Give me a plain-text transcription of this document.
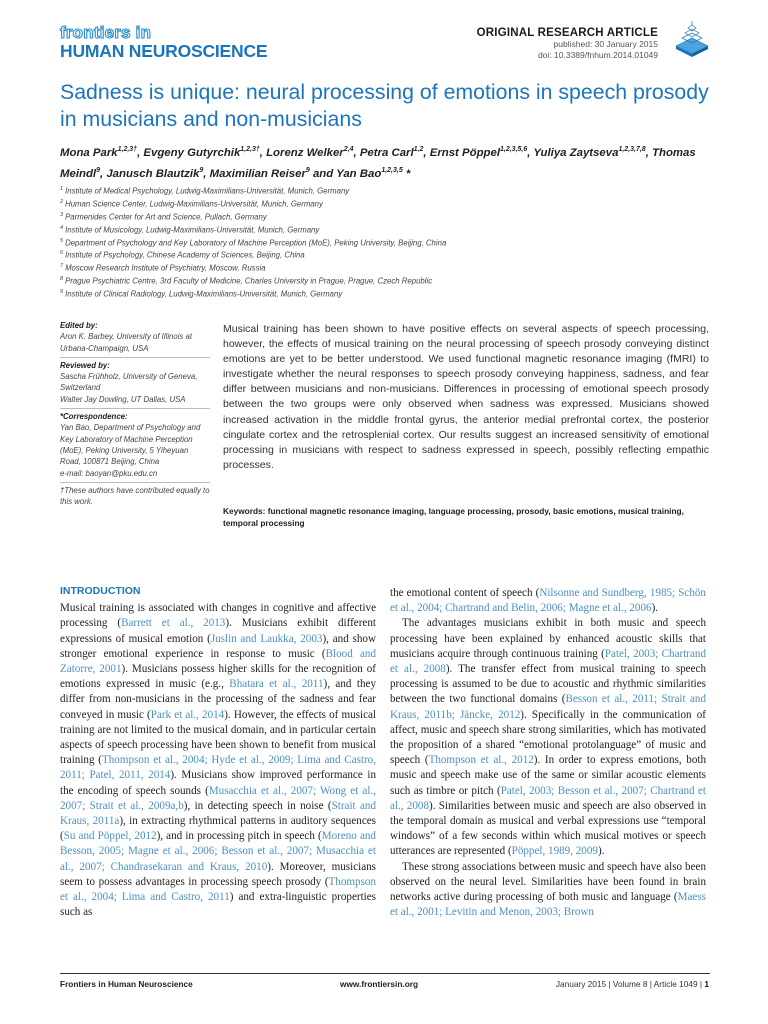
frontiers in
HUMAN NEUROSCIENCE
ORIGINAL RESEARCH ARTICLE
published: 30 January 2015
doi: 10.3389/fnhum.2014.01049
Sadness is unique: neural processing of emotions in speech prosody in musicians and non-musicians
Mona Park$^{1,2,3\dagger}$, Evgeny Gutyrchik$^{1,2,3\dagger}$, Lorenz Welker$^{2,4}$, Petra Carl$^{1,2}$, Ernst Pöppel$^{1,2,3,5,6}$, Yuliya Zaytseva$^{1,2,3,7,8}$, Thomas Meindl$^9$, Janusch Blautzik$^9$, Maximilian Reiser$^9$ and Yan Bao$^{1,2,3,5}$ *
$^1$ Institute of Medical Psychology, Ludwig-Maximilians-Universität, Munich, Germany
$^2$ Human Science Center, Ludwig-Maximilians-Universität, Munich, Germany
$^3$ Parmenides Center for Art and Science, Pullach, Germany
$^4$ Institute of Musicology, Ludwig-Maximilians-Universität, Munich, Germany
$^5$ Department of Psychology and Key Laboratory of Machine Perception (MoE), Peking University, Beijing, China
$^6$ Institute of Psychology, Chinese Academy of Sciences, Beijing, China
$^7$ Moscow Research Institute of Psychiatry, Moscow, Russia
$^8$ Prague Psychiatric Centre, 3rd Faculty of Medicine, Charles University in Prague, Prague, Czech Republic
$^9$ Institute of Clinical Radiology, Ludwig-Maximilians-Universität, Munich, Germany
Edited by:
Aron K. Barbey, University of Illinois at Urbana-Champaign, USA
Reviewed by:
Sascha Frühholz, University of Geneva, Switzerland
Walter Jay Dowling, UT Dallas, USA
*Correspondence:
Yan Bao, Department of Psychology and Key Laboratory of Machine Perception (MoE), Peking University, 5 Yiheyuan Road, 100871 Beijing, China
e-mail: baoyan@pku.edu.cn
†These authors have contributed equally to this work.
Musical training has been shown to have positive effects on several aspects of speech processing, however, the effects of musical training on the neural processing of speech prosody conveying distinct emotions are yet to be better understood. We used functional magnetic resonance imaging (fMRI) to investigate whether the neural responses to speech prosody conveying happiness, sadness, and fear differ between musicians and non-musicians. Differences in processing of emotional speech prosody between the two groups were only observed when sadness was expressed. Musicians showed increased activation in the middle frontal gyrus, the anterior medial prefrontal cortex, the posterior cingulate cortex and the retrosplenial cortex. Our results suggest an increased sensitivity of emotional processing in musicians with respect to sadness expressed in speech, possibly reflecting empathic processes.
Keywords: functional magnetic resonance imaging, language processing, prosody, basic emotions, musical training, temporal processing
INTRODUCTION
Musical training is associated with changes in cognitive and affective processing (Barrett et al., 2013). Musicians exhibit different expressions of musical emotion (Juslin and Laukka, 2003), and show stronger emotional experience in response to music (Blood and Zatorre, 2001). Musicians possess higher skills for the recognition of emotions expressed in music (e.g., Bhatara et al., 2011), and they differ from non-musicians in the processing of the sadness and fear conveyed in music (Park et al., 2014). However, the effects of musical training are not limited to the musical domain, and in particular certain aspects of speech processing have been shown to benefit from musical training (Thompson et al., 2004; Hyde et al., 2009; Lima and Castro, 2011; Patel, 2011, 2014). Musicians show improved performance in the encoding of speech sounds (Musacchia et al., 2007; Wong et al., 2007; Strait et al., 2009a,b), in detecting speech in noise (Strait and Kraus, 2011a), in extracting rhythmical patterns in auditory sequences (Su and Pöppel, 2012), and in processing pitch in speech (Moreno and Besson, 2005; Magne et al., 2006; Besson et al., 2007; Musacchia et al., 2007; Chandrasekaran and Kraus, 2010). Moreover, musicians seem to possess advantages in processing speech prosody (Thompson et al., 2004; Lima and Castro, 2011) and extra-linguistic properties such as
the emotional content of speech (Nilsonne and Sundberg, 1985; Schön et al., 2004; Chartrand and Belin, 2006; Magne et al., 2006).
The advantages musicians exhibit in both music and speech processing have been explained by enhanced acoustic skills that musicians acquire through continuous training (Patel, 2003; Chartrand et al., 2008). The transfer effect from musical training to speech processing is assumed to be due to acoustic and rhythmic similarities between the two functional domains (Besson et al., 2011; Strait and Kraus, 2011b; Jäncke, 2012). Specifically in the communication of affect, music and speech share strong similarities, which has motivated the proposition of a shared “emotional protolanguage” of music and speech (Thompson et al., 2012). In order to express emotions, both music and speech make use of the same or similar acoustic elements such as timbre or pitch (Patel, 2003; Besson et al., 2007; Chartrand et al., 2008). Similarities between music and speech are also observed in the temporal domain as musical and verbal expressions use “temporal windows” of a few seconds within which musical motives or speech utterances are represented (Pöppel, 1989, 2009).
These strong associations between music and speech have also been observed on the neural level. Similarities have been found in brain networks active during processing of both music and language (Maess et al., 2001; Levitin and Menon, 2003; Brown
Frontiers in Human Neuroscience	www.frontiersin.org	January 2015 | Volume 8 | Article 1049 | 1
